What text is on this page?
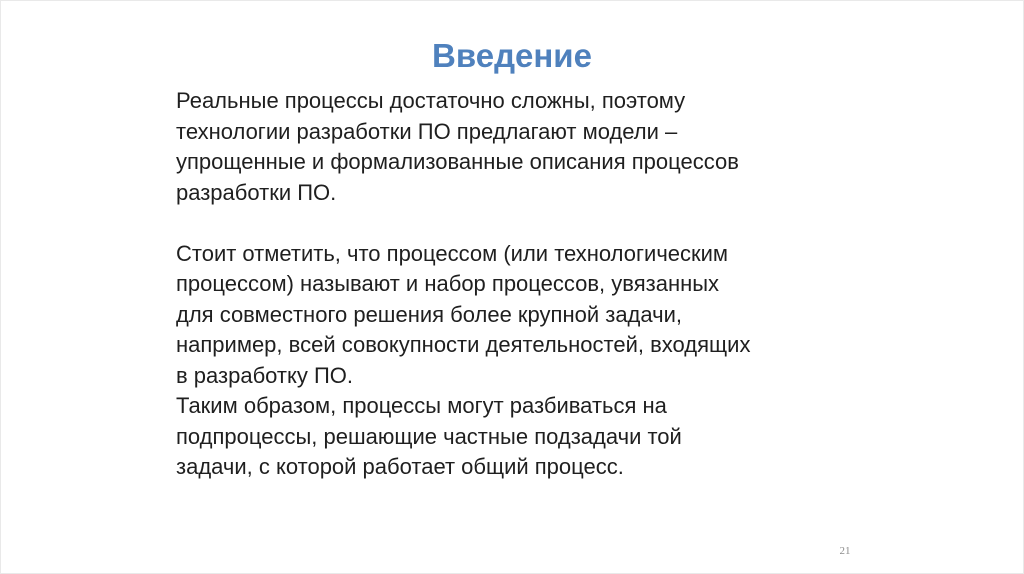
Введение

Реальные процессы достаточно сложны, поэтому
технологии разработки ПО предлагают модели –
упрощенные и формализованные описания процессов
разработки ПО.

Стоит отметить, что процессом (или технологическим
процессом) называют и набор процессов, увязанных
для совместного решения более крупной задачи,
например, всей совокупности деятельностей, входящих
в разработку ПО.

Таким образом, процессы могут разбиваться на
подпроцессы, решающие частные подзадачи той
задачи, с которой работает общий процесс.

21
